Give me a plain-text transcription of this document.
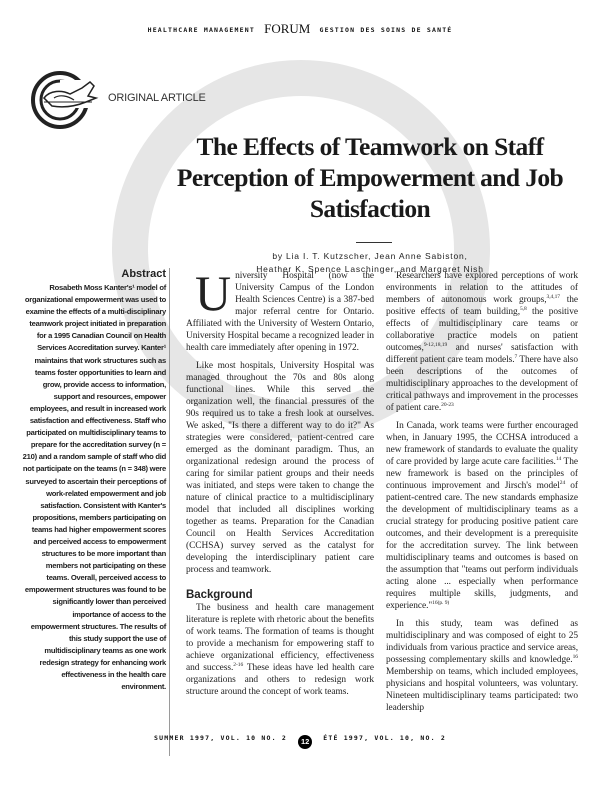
HEALTHCARE MANAGEMENT FORUM GESTION DES SOINS DE SANTÉ
ORIGINAL ARTICLE
The Effects of Teamwork on Staff Perception of Empowerment and Job Satisfaction
by Lia I. T. Kutzscher, Jean Anne Sabiston,
Heather K. Spence Laschinger, and Margaret Nish
Abstract
Rosabeth Moss Kanter's¹ model of organizational empowerment was used to examine the effects of a multi-disciplinary teamwork project initiated in preparation for a 1995 Canadian Council on Health Services Accreditation survey. Kanter¹ maintains that work structures such as teams foster opportunities to learn and grow, provide access to information, support and resources, empower employees, and result in increased work satisfaction and effectiveness. Staff who participated on multidisciplinary teams to prepare for the accreditation survey (n = 210) and a random sample of staff who did not participate on the teams (n = 348) were surveyed to ascertain their perceptions of work-related empowerment and job satisfaction. Consistent with Kanter's propositions, members participating on teams had higher empowerment scores and perceived access to empowerment structures to be more important than members not participating on these teams. Overall, perceived access to empowerment structures was found to be significantly lower than perceived importance of access to the empowerment structures. The results of this study support the use of multidisciplinary teams as one work redesign strategy for enhancing work effectiveness in the health care environment.

University Hospital (now the University Campus of the London Health Sciences Centre) is a 387-bed major referral centre for Ontario. Affiliated with the University of Western Ontario, University Hospital became a recognized leader in health care immediately after opening in 1972.

Like most hospitals, University Hospital was managed throughout the 70s and 80s along functional lines. While this served the organization well, the financial pressures of the 90s required us to take a fresh look at ourselves. We asked, "Is there a different way to do it?" As strategies were considered, patient-centred care emerged as the dominant paradigm. Thus, an organizational redesign around the process of caring for similar patient groups and their needs was initiated, and steps were taken to change the nature of clinical practice to a multidisciplinary model that included all disciplines working together as teams. Preparation for the Canadian Council on Health Services Accreditation (CCHSA) survey served as the catalyst for developing the interdisciplinary patient care process and teamwork.

Background

The business and health care management literature is replete with rhetoric about the benefits of work teams. The formation of teams is thought to provide a mechanism for empowering staff to achieve organizational efficiency, effectiveness and success.$^{2-16}$ These ideas have led health care organizations and others to redesign work structure around the concept of work teams.

Researchers have explored perceptions of work environments in relation to the attitudes of members of autonomous work groups,$^{3,4,17}$ the positive effects of team building,$^{5,8}$ the positive effects of multidisciplinary care teams or collaborative practice models on patient outcomes,$^{9-12,18,19}$ and nurses' satisfaction with different patient care team models.$^7$ There have also been descriptions of the outcomes of multidisciplinary approaches to the development of critical pathways and improvement in the processes of patient care.$^{20-23}$

In Canada, work teams were further encouraged when, in January 1995, the CCHSA introduced a new framework of standards to evaluate the quality of care provided by large acute care facilities.$^{14}$ The new framework is based on the principles of continuous improvement and Jirsch's model$^{24}$ of patient-centred care. The new standards emphasize the development of multidisciplinary teams as a crucial strategy for producing positive patient care outcomes, and their development is a prerequisite for the accreditation survey. The link between multidisciplinary teams and outcomes is based on the assumption that "teams out perform individuals acting alone ... especially when performance requires multiple skills, judgments, and experience."$^{16(p. 9)}$

In this study, team was defined as multidisciplinary and was composed of eight to 25 individuals from various practice and service areas, possessing complementary skills and knowledge.$^{16}$ Membership on teams, which included employees, physicians and hospital volunteers, was voluntary. Nineteen multidisciplinary teams participated: two leadership

SUMMER 1997, VOL. 10 NO. 2 12 ÉTÉ 1997, VOL. 10, NO. 2
